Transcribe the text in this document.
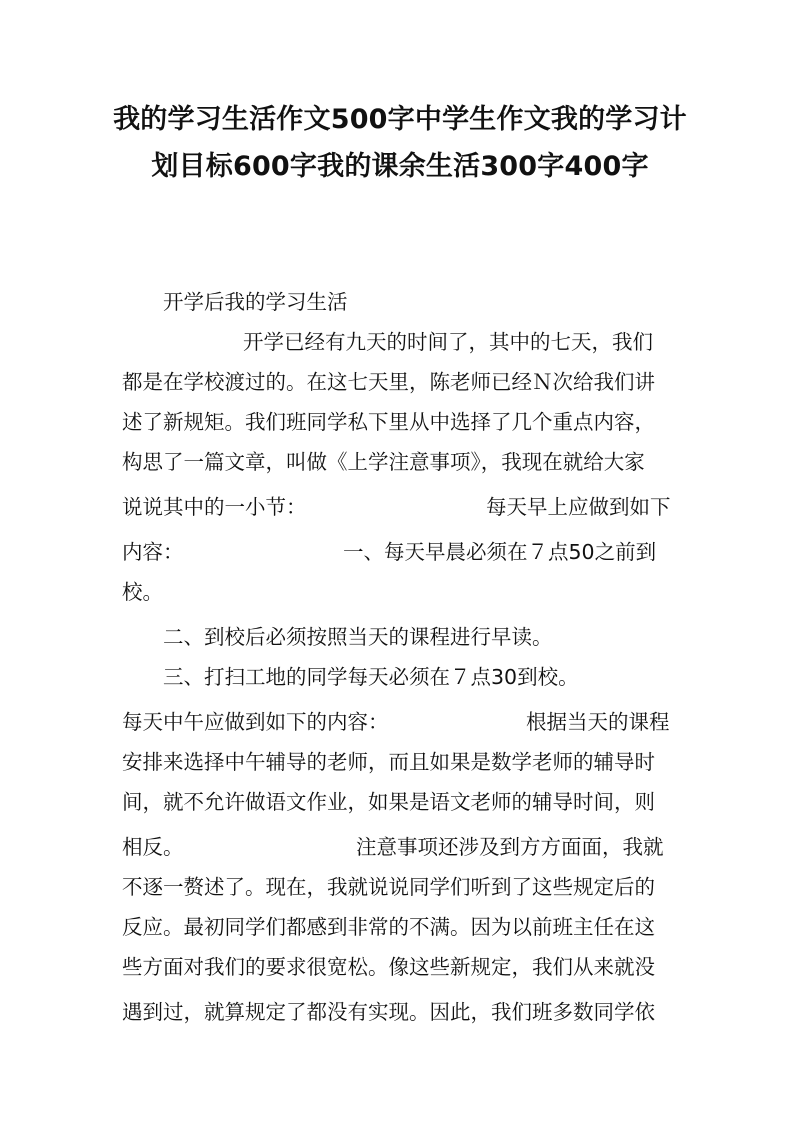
我的学习生活作文500字中学生作文我的学习计划目标600字我的课余生活300字400字
开学后我的学习生活
开学已经有九天的时间了，其中的七天，我们
都是在学校渡过的。在这七天里，陈老师已经Ｎ次给我们讲
述了新规矩。我们班同学私下里从中选择了几个重点内容，
构思了一篇文章，叫做《上学注意事项》，我现在就给大家
说说其中的一小节：	每天早上应做到如下
内容：	一、每天早晨必须在７点50之前到
校。
二、到校后必须按照当天的课程进行早读。
三、打扫工地的同学每天必须在７点30到校。
每天中午应做到如下的内容：	根据当天的课程
安排来选择中午辅导的老师，而且如果是数学老师的辅导时
间，就不允许做语文作业，如果是语文老师的辅导时间，则
相反。	注意事项还涉及到方方面面，我就
不逐一赘述了。现在，我就说说同学们听到了这些规定后的
反应。最初同学们都感到非常的不满。因为以前班主任在这
些方面对我们的要求很宽松。像这些新规定，我们从来就没
遇到过，就算规定了都没有实现。因此，我们班多数同学依
